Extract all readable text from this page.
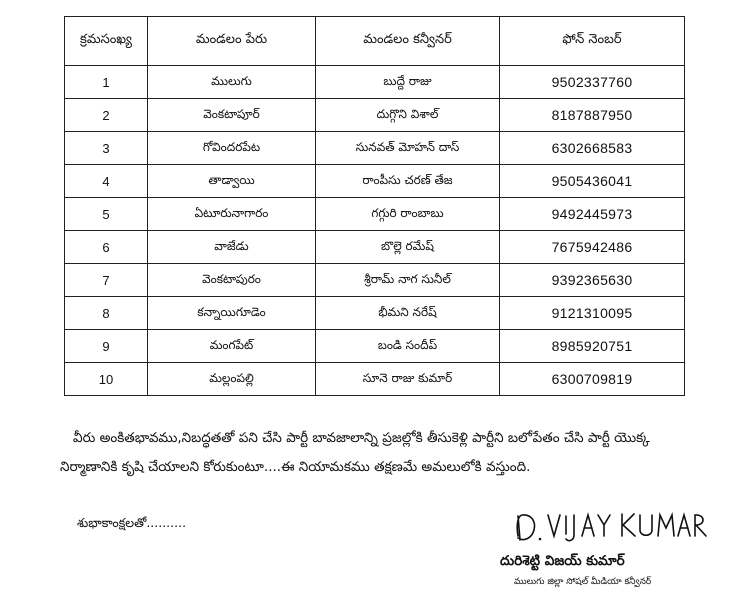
క్రమసంఖ్య	మండలం పేరు	మండలం కన్వీనర్	ఫోన్ నెంబర్
1	ములుగు	బుద్దే రాజు	9502337760
2	వెంకటాపూర్	దుగ్గొని విశాల్	8187887950
3	గోవిందరపేట	సునవత్ మోహన్ దాస్	6302668583
4	తాడ్వాయి	రాంపీసు చరణ్ తేజ	9505436041
5	ఏటూరునాగారం	గగ్గురి రాంబాబు	9492445973
6	వాజేడు	బొల్లె రమేష్	7675942486
7	వెంకటాపురం	శ్రీరామ్ నాగ సునీల్	9392365630
8	కన్నాయిగూడెం	భీమని నరేష్	9121310095
9	మంగపేట్	బండి సందీప్	8985920751
10	మల్లంపల్లి	సూనె రాజు కుమార్	6300709819
వీరు అంకితభావము,నిబద్ధతతో పని చేసి పార్టీ బావజాలాన్ని ప్రజల్లోకి తీసుకెళ్లి పార్టీని బలోపేతం చేసి పార్టీ యొక్క నిర్మాణానికి కృషి చేయాలని కోరుకుంటూ....ఈ నియామకము తక్షణమే అమలులోకి వస్తుంది.
శుభాకాంక్షలతో..........
దురిశెట్టి విజయ్ కుమార్
ములుగు జిల్లా సోషల్ మీడియా కన్వీనర్
